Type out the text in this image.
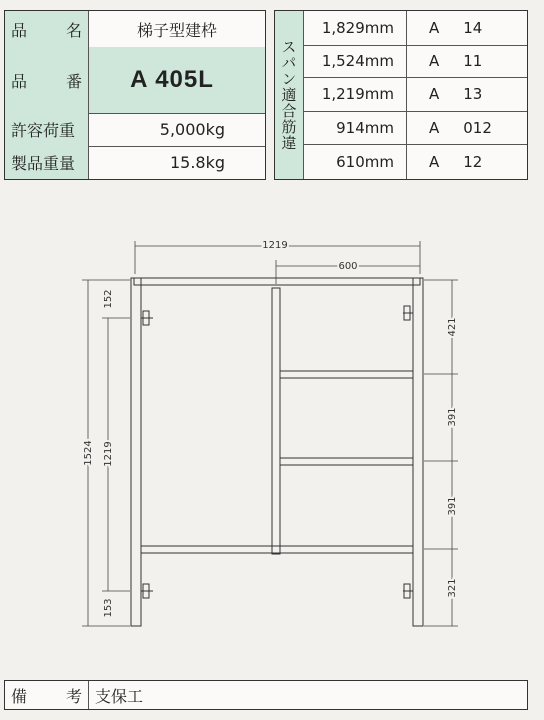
品 名	梯子型建枠
品 番	A 405L
許容荷重	5,000kg
製品重量	15.8kg
スパン適合筋違
1,829mm	A 14
1,524mm	A 11
1,219mm	A 13
914mm	A 012
610mm	A 12
1219
600
1524 1219
152
153
421
391
391
321
備 考 支保工
